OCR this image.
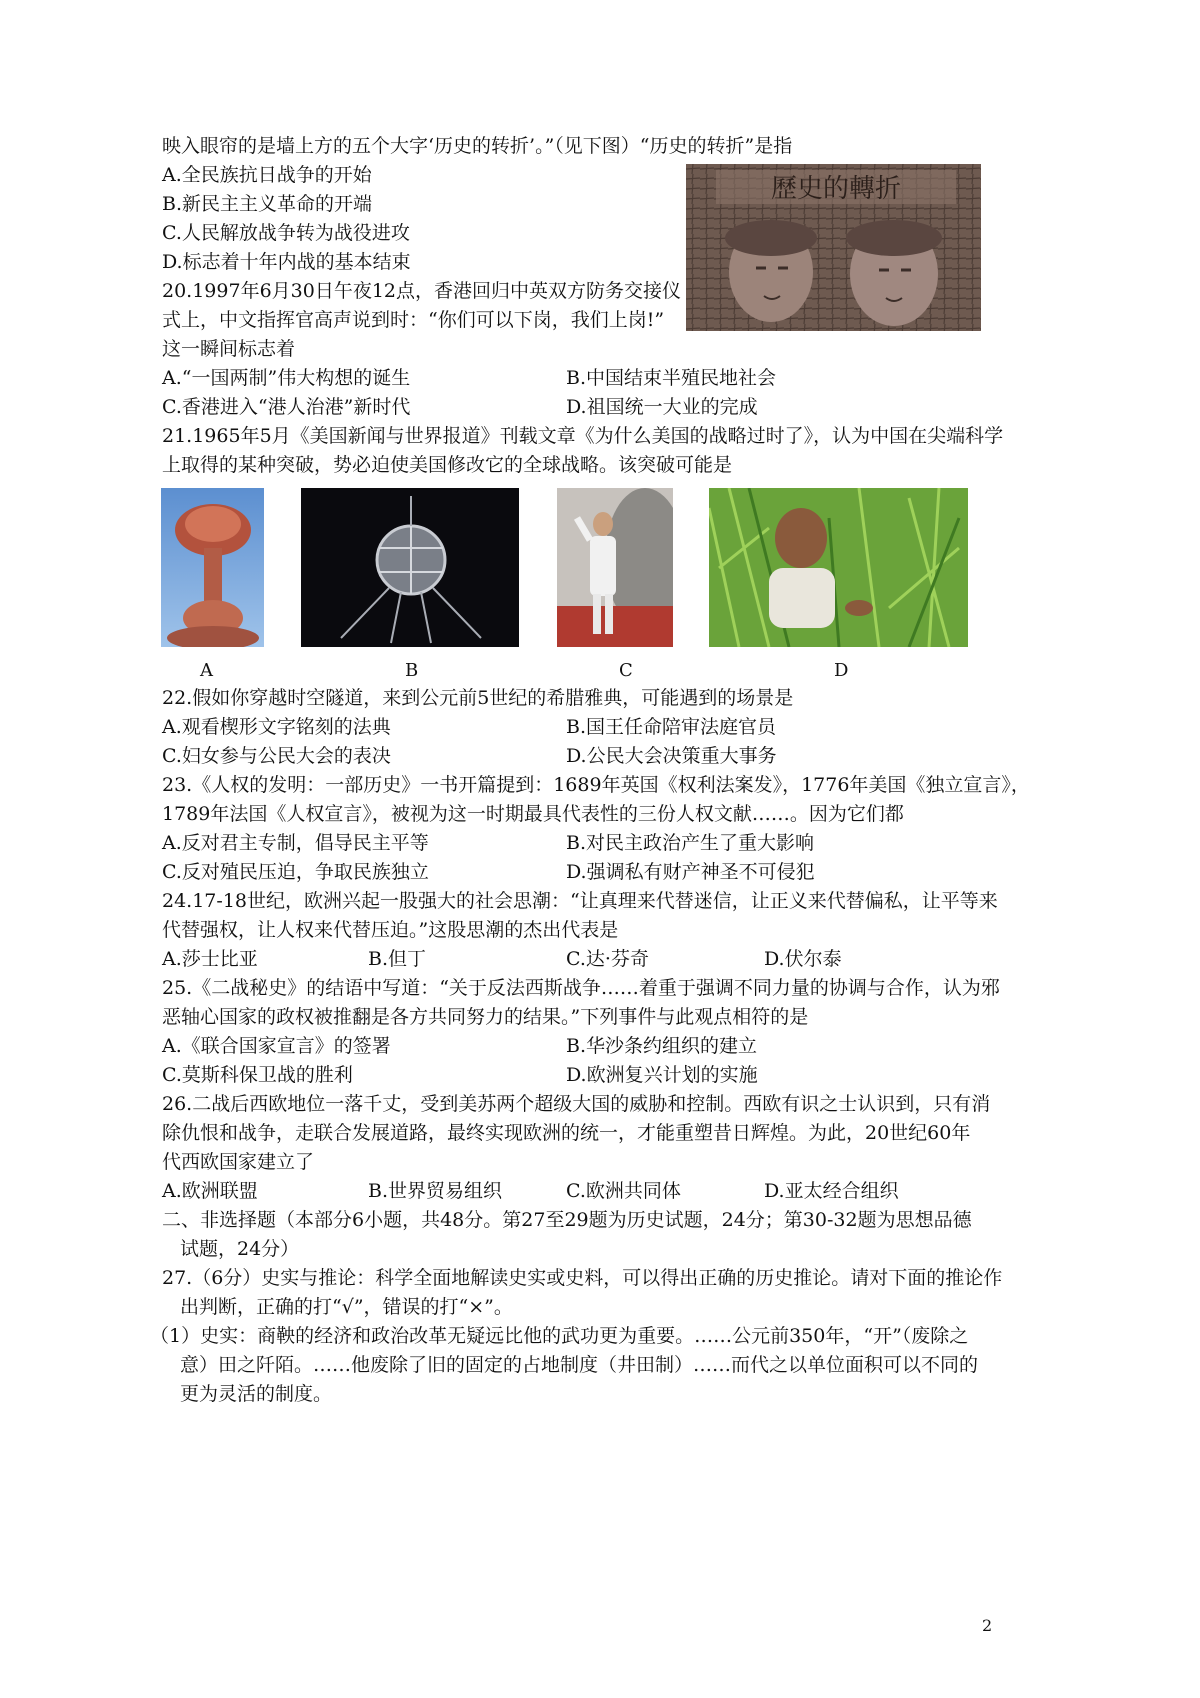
映入眼帘的是墙上方的五个大字‘历史的转折’。”（见下图）“历史的转折”是指
A.全民族抗日战争的开始
B.新民主主义革命的开端
C.人民解放战争转为战役进攻
D.标志着十年内战的基本结束
歷史的轉折
20.1997年6月30日午夜12点，香港回归中英双方防务交接仪
式上，中文指挥官高声说到时：“你们可以下岗，我们上岗!”
这一瞬间标志着
A.“一国两制”伟大构想的诞生	B.中国结束半殖民地社会
C.香港进入“港人治港”新时代	D.祖国统一大业的完成
21.1965年5月《美国新闻与世界报道》刊载文章《为什么美国的战略过时了》，认为中国在尖端科学
上取得的某种突破，势必迫使美国修改它的全球战略。该突破可能是
A	B	C	D
22.假如你穿越时空隧道，来到公元前5世纪的希腊雅典，可能遇到的场景是
A.观看楔形文字铭刻的法典	B.国王任命陪审法庭官员
C.妇女参与公民大会的表决	D.公民大会决策重大事务
23.《人权的发明：一部历史》一书开篇提到：1689年英国《权利法案发》，1776年美国《独立宣言》，
1789年法国《人权宣言》，被视为这一时期最具代表性的三份人权文献……。因为它们都
A.反对君主专制，倡导民主平等	B.对民主政治产生了重大影响
C.反对殖民压迫，争取民族独立	D.强调私有财产神圣不可侵犯
24.17-18世纪，欧洲兴起一股强大的社会思潮：“让真理来代替迷信，让正义来代替偏私，让平等来
代替强权，让人权来代替压迫。”这股思潮的杰出代表是
A.莎士比亚	B.但丁	C.达·芬奇	D.伏尔泰
25.《二战秘史》的结语中写道：“关于反法西斯战争……着重于强调不同力量的协调与合作，认为邪
恶轴心国家的政权被推翻是各方共同努力的结果。”下列事件与此观点相符的是
A.《联合国家宣言》的签署	B.华沙条约组织的建立
C.莫斯科保卫战的胜利	D.欧洲复兴计划的实施
26.二战后西欧地位一落千丈，受到美苏两个超级大国的威胁和控制。西欧有识之士认识到，只有消
除仇恨和战争，走联合发展道路，最终实现欧洲的统一，才能重塑昔日辉煌。为此，20世纪60年
代西欧国家建立了
A.欧洲联盟	B.世界贸易组织	C.欧洲共同体	D.亚太经合组织
二、非选择题（本部分6小题，共48分。第27至29题为历史试题，24分；第30-32题为思想品德
试题，24分）
27.（6分）史实与推论：科学全面地解读史实或史料，可以得出正确的历史推论。请对下面的推论作
出判断，正确的打“√”，错误的打“×”。
（1）史实：商鞅的经济和政治改革无疑远比他的武功更为重要。……公元前350年，“开”（废除之
意）田之阡陌。……他废除了旧的固定的占地制度（井田制）……而代之以单位面积可以不同的
更为灵活的制度。
2
